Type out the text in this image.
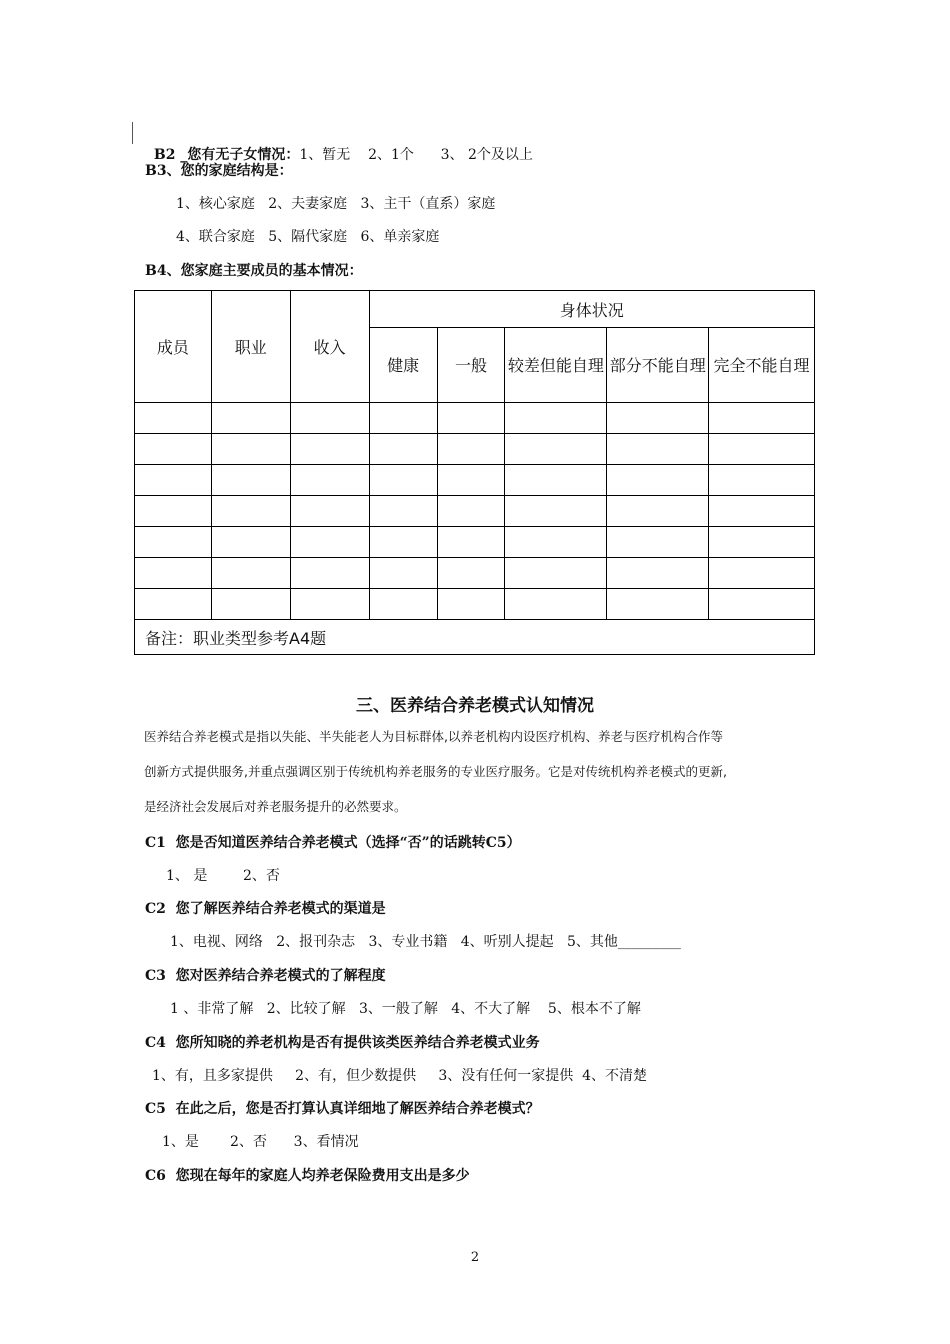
B2 _您有无子女情况：1、暂无    2、1个      3、 2个及以上

B3、您的家庭结构是：
1、核心家庭   2、夫妻家庭   3、主干（直系）家庭
4、联合家庭   5、隔代家庭   6、单亲家庭
B4、您家庭主要成员的基本情况：
成员	职业	收入	身体状况				
			健康	一般	较差但能自理	部分不能自理	完全不能自理

备注：职业类型参考A4题							
三、医养结合养老模式认知情况
医养结合养老模式是指以失能、半失能老人为目标群体,以养老机构内设医疗机构、养老与医疗机构合作等
创新方式提供服务,并重点强调区别于传统机构养老服务的专业医疗服务。它是对传统机构养老模式的更新,
是经济社会发展后对养老服务提升的必然要求。
C1  您是否知道医养结合养老模式（选择“否”的话跳转C5）
1、 是        2、否
C2  您了解医养结合养老模式的渠道是
1、电视、网络   2、报刊杂志   3、专业书籍   4、听别人提起   5、其他_________
C3  您对医养结合养老模式的了解程度
1 、非常了解   2、比较了解   3、一般了解   4、不大了解    5、根本不了解
C4  您所知晓的养老机构是否有提供该类医养结合养老模式业务
1、有，且多家提供     2、有，但少数提供     3、没有任何一家提供  4、不清楚
C5  在此之后，您是否打算认真详细地了解医养结合养老模式？
1、是       2、否      3、看情况
C6  您现在每年的家庭人均养老保险费用支出是多少
2
